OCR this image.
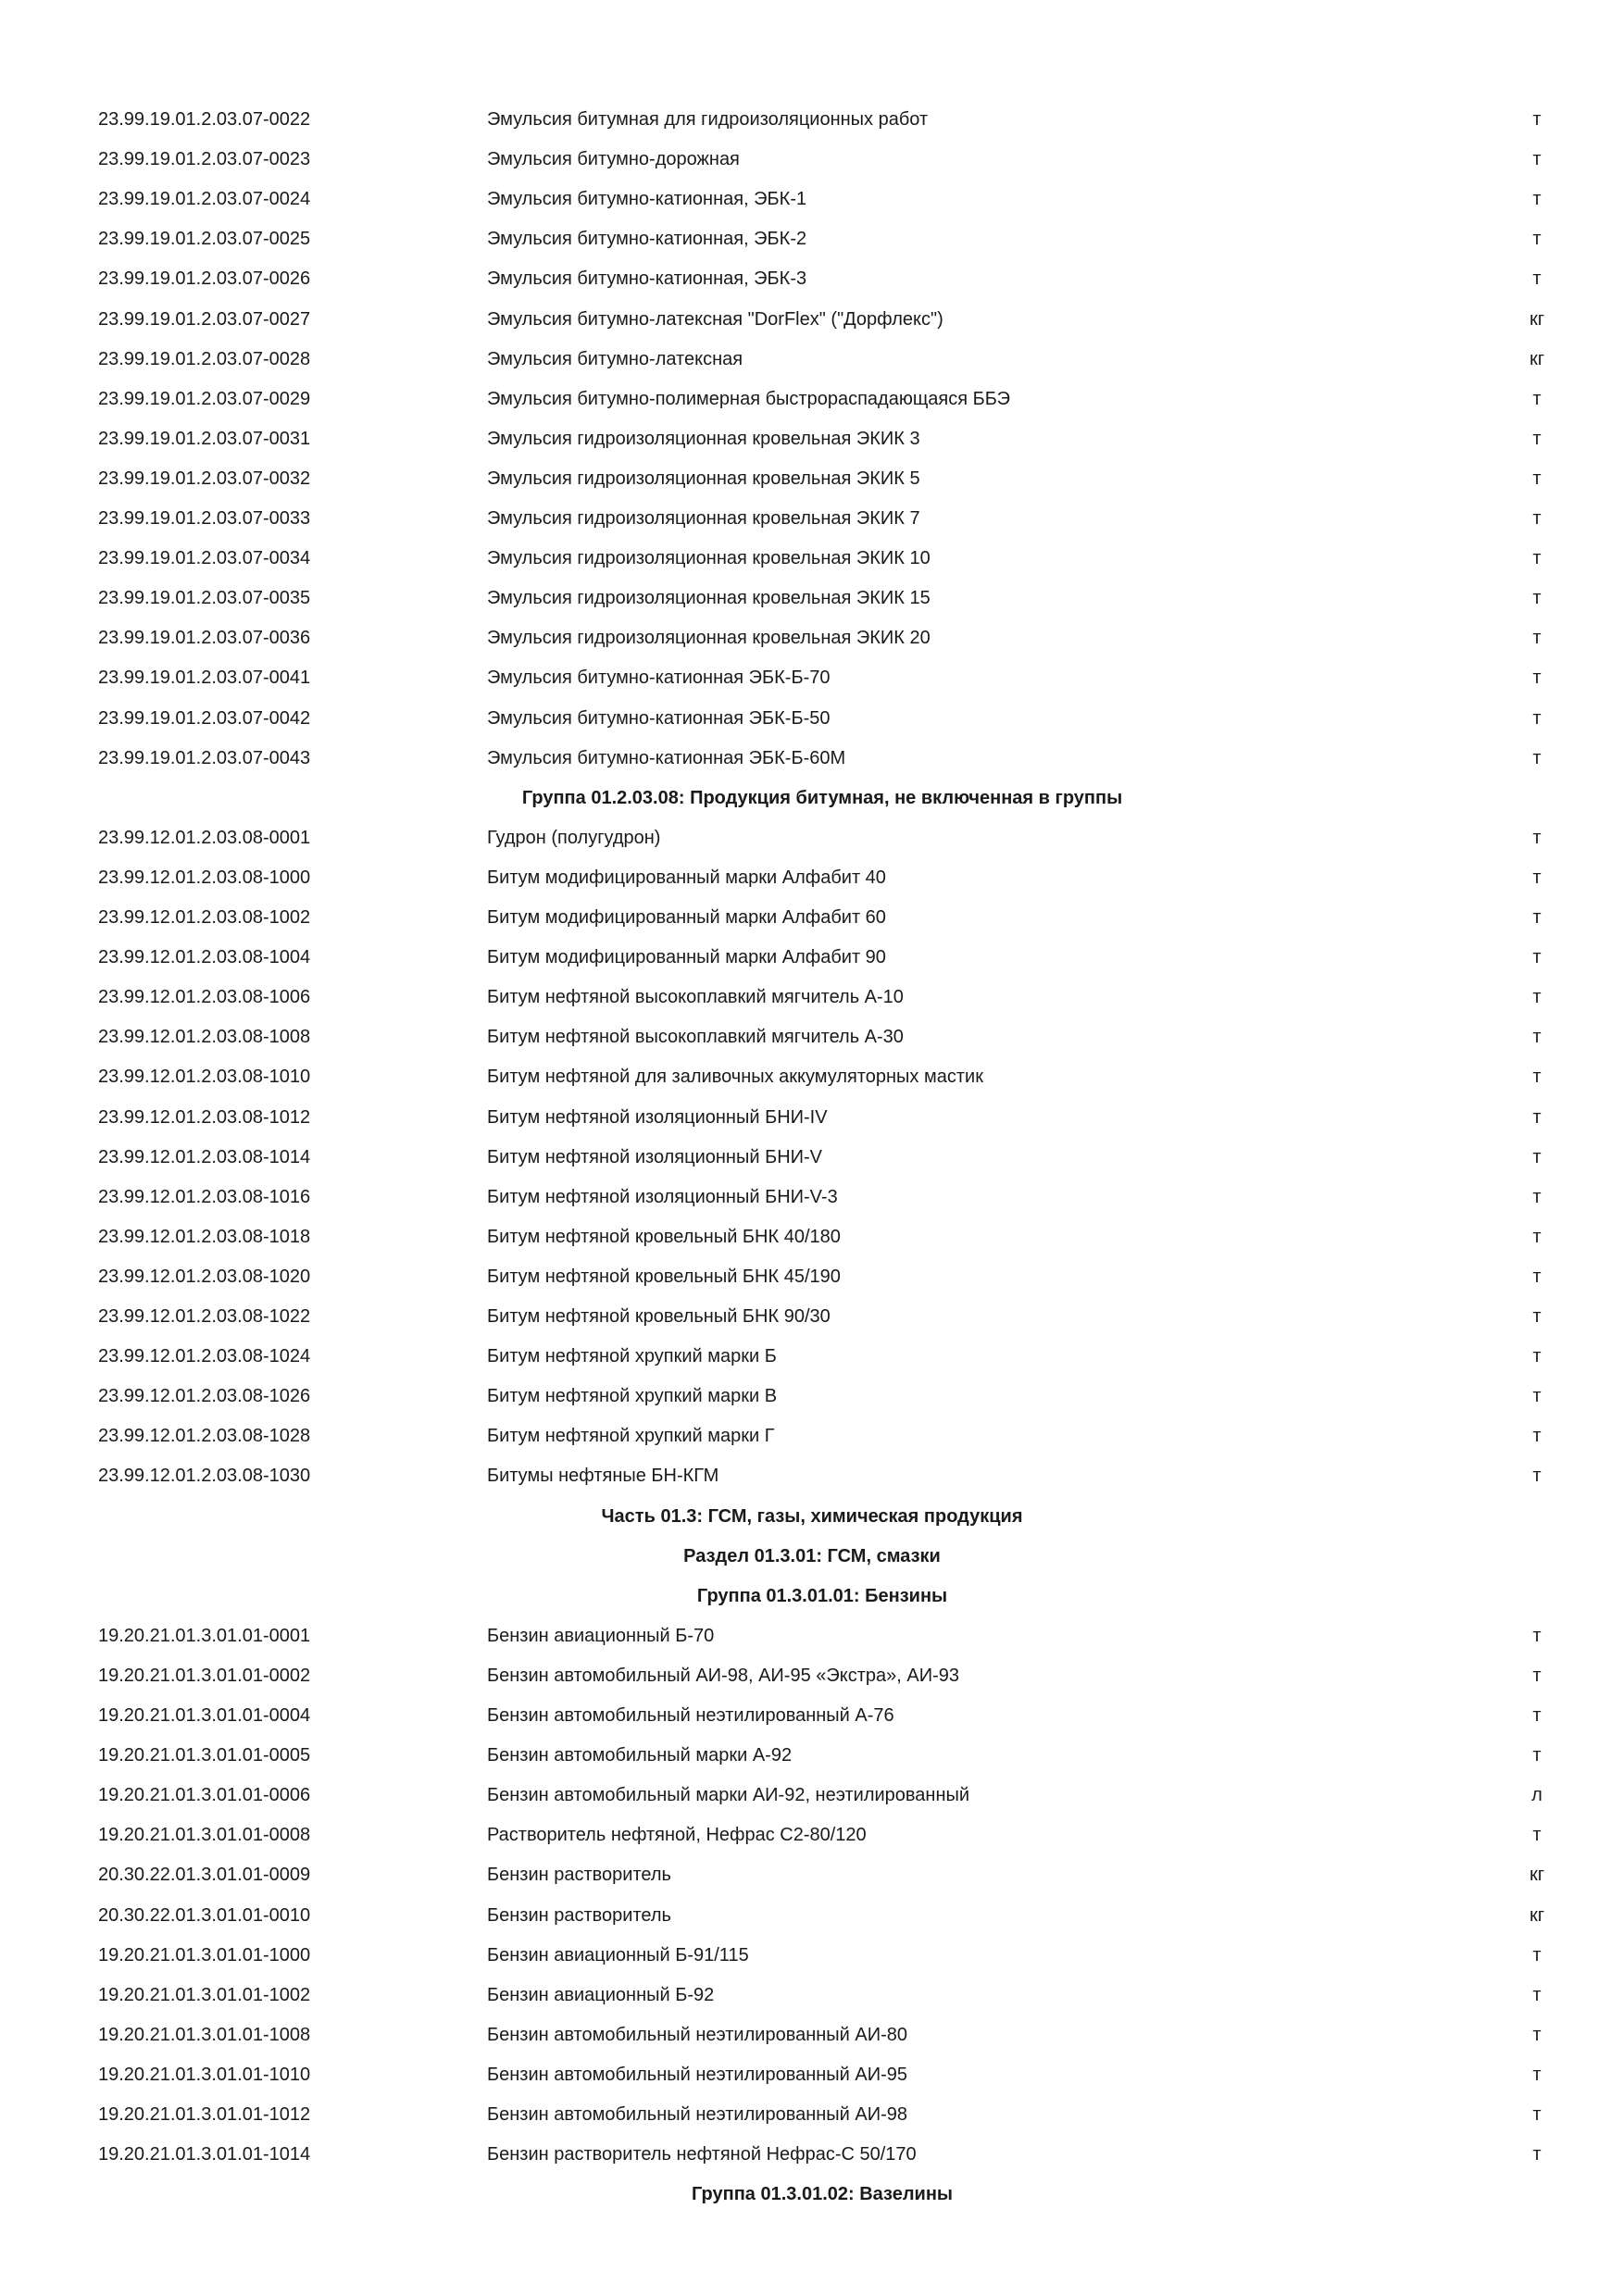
23.99.19.01.2.03.07-0022	Эмульсия битумная для гидроизоляционных работ	т
23.99.19.01.2.03.07-0023	Эмульсия битумно-дорожная	т
23.99.19.01.2.03.07-0024	Эмульсия битумно-катионная, ЭБК-1	т
23.99.19.01.2.03.07-0025	Эмульсия битумно-катионная, ЭБК-2	т
23.99.19.01.2.03.07-0026	Эмульсия битумно-катионная, ЭБК-3	т
23.99.19.01.2.03.07-0027	Эмульсия битумно-латексная "DorFlex" ("Дорфлекс")	кг
23.99.19.01.2.03.07-0028	Эмульсия битумно-латексная	кг
23.99.19.01.2.03.07-0029	Эмульсия битумно-полимерная быстрораспадающаяся ББЭ	т
23.99.19.01.2.03.07-0031	Эмульсия гидроизоляционная кровельная ЭКИК 3	т
23.99.19.01.2.03.07-0032	Эмульсия гидроизоляционная кровельная ЭКИК 5	т
23.99.19.01.2.03.07-0033	Эмульсия гидроизоляционная кровельная ЭКИК 7	т
23.99.19.01.2.03.07-0034	Эмульсия гидроизоляционная кровельная ЭКИК 10	т
23.99.19.01.2.03.07-0035	Эмульсия гидроизоляционная кровельная ЭКИК 15	т
23.99.19.01.2.03.07-0036	Эмульсия гидроизоляционная кровельная ЭКИК 20	т
23.99.19.01.2.03.07-0041	Эмульсия битумно-катионная ЭБК-Б-70	т
23.99.19.01.2.03.07-0042	Эмульсия битумно-катионная ЭБК-Б-50	т
23.99.19.01.2.03.07-0043	Эмульсия битумно-катионная ЭБК-Б-60М	т
Группа 01.2.03.08: Продукция битумная, не включенная в группы
23.99.12.01.2.03.08-0001	Гудрон (полугудрон)	т
23.99.12.01.2.03.08-1000	Битум модифицированный марки Алфабит 40	т
23.99.12.01.2.03.08-1002	Битум модифицированный марки Алфабит 60	т
23.99.12.01.2.03.08-1004	Битум модифицированный марки Алфабит 90	т
23.99.12.01.2.03.08-1006	Битум нефтяной высокоплавкий мягчитель А-10	т
23.99.12.01.2.03.08-1008	Битум нефтяной высокоплавкий мягчитель А-30	т
23.99.12.01.2.03.08-1010	Битум нефтяной для заливочных аккумуляторных мастик	т
23.99.12.01.2.03.08-1012	Битум нефтяной изоляционный БНИ-IV	т
23.99.12.01.2.03.08-1014	Битум нефтяной изоляционный БНИ-V	т
23.99.12.01.2.03.08-1016	Битум нефтяной изоляционный БНИ-V-3	т
23.99.12.01.2.03.08-1018	Битум нефтяной кровельный БНК 40/180	т
23.99.12.01.2.03.08-1020	Битум нефтяной кровельный БНК 45/190	т
23.99.12.01.2.03.08-1022	Битум нефтяной кровельный БНК 90/30	т
23.99.12.01.2.03.08-1024	Битум нефтяной хрупкий марки Б	т
23.99.12.01.2.03.08-1026	Битум нефтяной хрупкий марки В	т
23.99.12.01.2.03.08-1028	Битум нефтяной хрупкий марки Г	т
23.99.12.01.2.03.08-1030	Битумы нефтяные БН-КГМ	т
Часть 01.3: ГСМ, газы, химическая продукция
Раздел 01.3.01: ГСМ, смазки
Группа 01.3.01.01: Бензины
19.20.21.01.3.01.01-0001	Бензин авиационный Б-70	т
19.20.21.01.3.01.01-0002	Бензин автомобильный АИ-98, АИ-95 «Экстра», АИ-93	т
19.20.21.01.3.01.01-0004	Бензин автомобильный неэтилированный А-76	т
19.20.21.01.3.01.01-0005	Бензин автомобильный марки А-92	т
19.20.21.01.3.01.01-0006	Бензин автомобильный марки АИ-92, неэтилированный	л
19.20.21.01.3.01.01-0008	Растворитель нефтяной, Нефрас С2-80/120	т
20.30.22.01.3.01.01-0009	Бензин растворитель	кг
20.30.22.01.3.01.01-0010	Бензин растворитель	кг
19.20.21.01.3.01.01-1000	Бензин авиационный Б-91/115	т
19.20.21.01.3.01.01-1002	Бензин авиационный Б-92	т
19.20.21.01.3.01.01-1008	Бензин автомобильный неэтилированный АИ-80	т
19.20.21.01.3.01.01-1010	Бензин автомобильный неэтилированный АИ-95	т
19.20.21.01.3.01.01-1012	Бензин автомобильный неэтилированный АИ-98	т
19.20.21.01.3.01.01-1014	Бензин растворитель нефтяной Нефрас-С 50/170	т
Группа 01.3.01.02: Вазелины
